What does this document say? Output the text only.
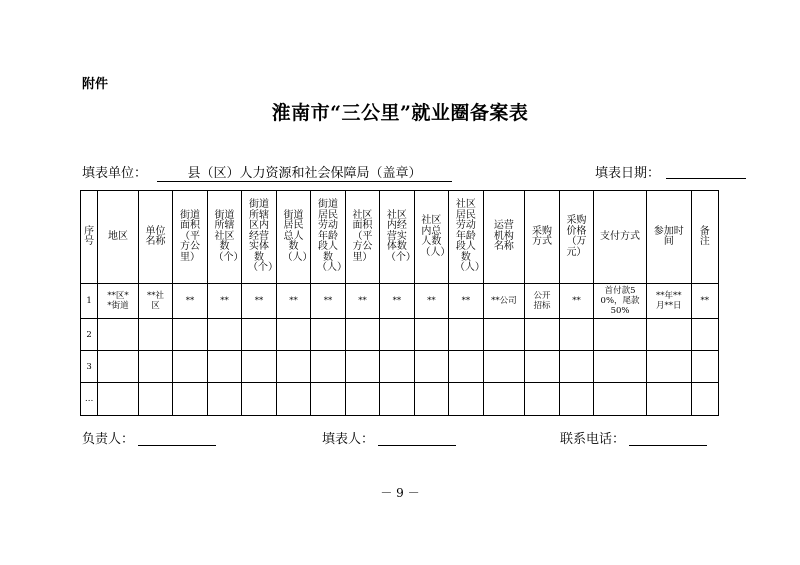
附件
淮南市“三公里”就业圈备案表
填表单位：	县（区）人力资源和社会保障局（盖章）	填表日期：
序号	地区	单位名称	街道面积（平方公里）	街道所辖社区数（个）	街道所辖区内经营实体数（个）	街道居民总人数（人）	街道居民劳动年龄段人数（人）	社区面积（平方公里）	社区内经营实体数（个）	社区内总人数（人）	社区居民劳动年龄段人数（人）	运营机构名称	采购方式	采购价格（万元）	支付方式	参加时间	备注
1	**区**街道	**社区	**	**	**	**	**	**	**	**	**	**公司	公开招标	**	首付款50%，尾款50%	**年**月**日	**
2																	
3																	
…																	
负责人：	填表人：	联系电话：
－ 9 －
